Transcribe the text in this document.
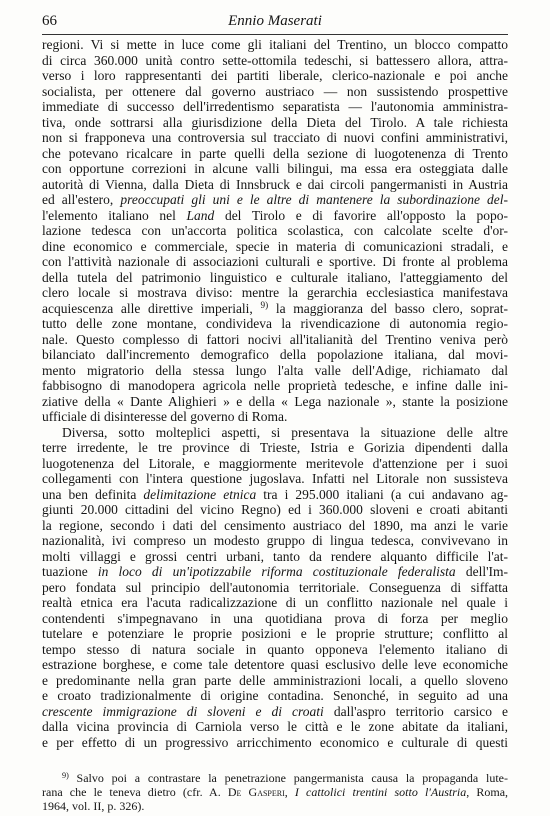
66	Ennio Maserati
regioni. Vi si mette in luce come gli italiani del Trentino, un blocco compatto
di circa 360.000 unità contro sette-ottomila tedeschi, si battessero allora, attra-
verso i loro rappresentanti dei partiti liberale, clerico-nazionale e poi anche
socialista, per ottenere dal governo austriaco — non sussistendo prospettive
immediate di successo dell'irredentismo separatista — l'autonomia amministra-
tiva, onde sottrarsi alla giurisdizione della Dieta del Tirolo. A tale richiesta
non si frapponeva una controversia sul tracciato di nuovi confini amministrativi,
che potevano ricalcare in parte quelli della sezione di luogotenenza di Trento
con opportune correzioni in alcune valli bilingui, ma essa era osteggiata dalle
autorità di Vienna, dalla Dieta di Innsbruck e dai circoli pangermanisti in Austria
ed all'estero, preoccupati gli uni e le altre di mantenere la subordinazione del-
l'elemento italiano nel Land del Tirolo e di favorire all'opposto la popo-
lazione tedesca con un'accorta politica scolastica, con calcolate scelte d'or-
dine economico e commerciale, specie in materia di comunicazioni stradali, e
con l'attività nazionale di associazioni culturali e sportive. Di fronte al problema
della tutela del patrimonio linguistico e culturale italiano, l'atteggiamento del
clero locale si mostrava diviso: mentre la gerarchia ecclesiastica manifestava
acquiescenza alle direttive imperiali, $^{9)}$ la maggioranza del basso clero, soprat-
tutto delle zone montane, condivideva la rivendicazione di autonomia regio-
nale. Questo complesso di fattori nocivi all'italianità del Trentino veniva però
bilanciato dall'incremento demografico della popolazione italiana, dal movi-
mento migratorio della stessa lungo l'alta valle dell'Adige, richiamato dal
fabbisogno di manodopera agricola nelle proprietà tedesche, e infine dalle ini-
ziative della « Dante Alighieri » e della « Lega nazionale », stante la posizione
ufficiale di disinteresse del governo di Roma.
Diversa, sotto molteplici aspetti, si presentava la situazione delle altre
terre irredente, le tre province di Trieste, Istria e Gorizia dipendenti dalla
luogotenenza del Litorale, e maggiormente meritevole d'attenzione per i suoi
collegamenti con l'intera questione jugoslava. Infatti nel Litorale non sussisteva
una ben definita delimitazione etnica tra i 295.000 italiani (a cui andavano ag-
giunti 20.000 cittadini del vicino Regno) ed i 360.000 sloveni e croati abitanti
la regione, secondo i dati del censimento austriaco del 1890, ma anzi le varie
nazionalità, ivi compreso un modesto gruppo di lingua tedesca, convivevano in
molti villaggi e grossi centri urbani, tanto da rendere alquanto difficile l'at-
tuazione in loco di un'ipotizzabile riforma costituzionale federalista dell'Im-
pero fondata sul principio dell'autonomia territoriale. Conseguenza di siffatta
realtà etnica era l'acuta radicalizzazione di un conflitto nazionale nel quale i
contendenti s'impegnavano in una quotidiana prova di forza per meglio
tutelare e potenziare le proprie posizioni e le proprie strutture; conflitto al
tempo stesso di natura sociale in quanto opponeva l'elemento italiano di
estrazione borghese, e come tale detentore quasi esclusivo delle leve economiche
e predominante nella gran parte delle amministrazioni locali, a quello sloveno
e croato tradizionalmente di origine contadina. Senonché, in seguito ad una
crescente immigrazione di sloveni e di croati dall'aspro territorio carsico e
dalla vicina provincia di Carniola verso le città e le zone abitate da italiani,
e per effetto di un progressivo arricchimento economico e culturale di questi
$^{9)}$ Salvo poi a contrastare la penetrazione pangermanista causa la propaganda lute-
rana che le teneva dietro (cfr. A. De Gasperi, I cattolici trentini sotto l'Austria, Roma,
1964, vol. II, p. 326).
